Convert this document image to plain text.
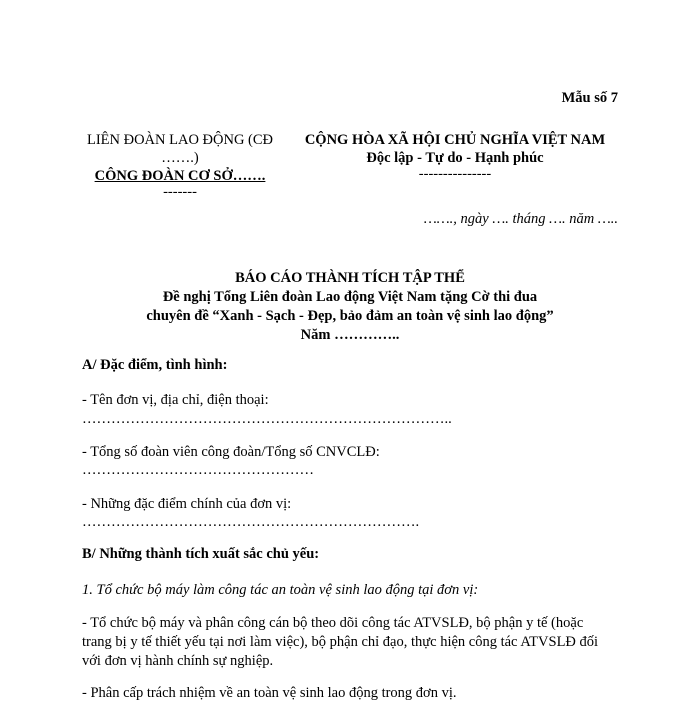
Mẫu số 7
LIÊN ĐOÀN LAO ĐỘNG (CĐ
…….)
CÔNG ĐOÀN CƠ SỞ…….
-------
CỘNG HÒA XÃ HỘI CHỦ NGHĨA VIỆT NAM
Độc lập - Tự do - Hạnh phúc
---------------
……., ngày …. tháng …. năm …..
BÁO CÁO THÀNH TÍCH TẬP THỂ
Đề nghị Tổng Liên đoàn Lao động Việt Nam tặng Cờ thi đua
chuyên đề “Xanh - Sạch - Đẹp, bảo đảm an toàn vệ sinh lao động”
Năm …………..
A/ Đặc điểm, tình hình:
- Tên đơn vị, địa chỉ, điện thoại:
…………………………………………………………………..
- Tổng số đoàn viên công đoàn/Tổng số CNVCLĐ:
…………………………………………
- Những đặc điểm chính của đơn vị:
…………………………………………………………….
B/ Những thành tích xuất sắc chủ yếu:
1. Tổ chức bộ máy làm công tác an toàn vệ sinh lao động tại đơn vị:
- Tổ chức bộ máy và phân công cán bộ theo dõi công tác ATVSLĐ, bộ phận y tế (hoặc
trang bị y tế thiết yếu tại nơi làm việc), bộ phận chỉ đạo, thực hiện công tác ATVSLĐ đối
với đơn vị hành chính sự nghiệp.
- Phân cấp trách nhiệm về an toàn vệ sinh lao động trong đơn vị.
